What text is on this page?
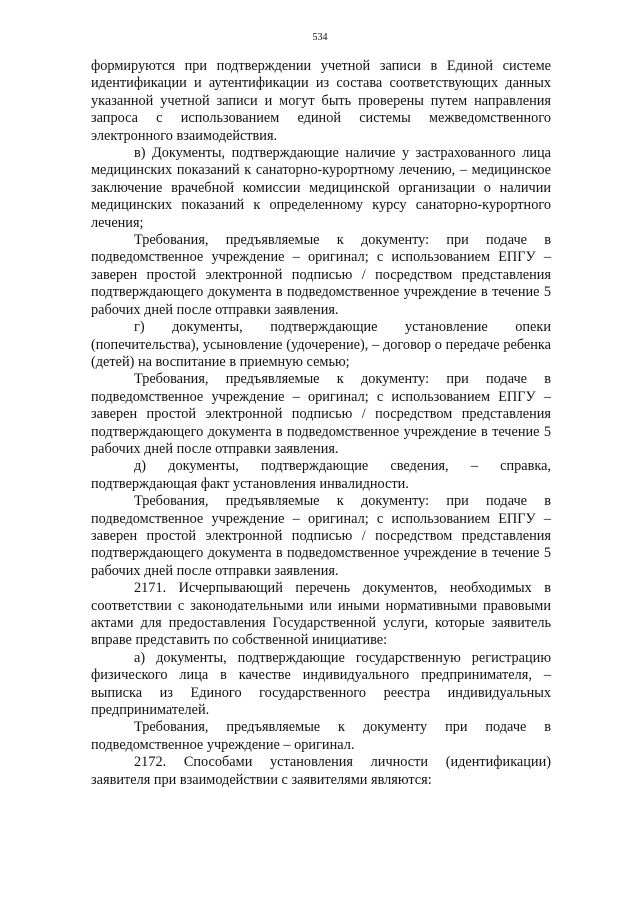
534

формируются при подтверждении учетной записи в Единой системе идентификации и аутентификации из состава соответствующих данных указанной учетной записи и могут быть проверены путем направления запроса с использованием единой системы межведомственного электронного взаимодействия.

в) Документы, подтверждающие наличие у застрахованного лица медицинских показаний к санаторно-курортному лечению, – медицинское заключение врачебной комиссии медицинской организации о наличии медицинских показаний к определенному курсу санаторно-курортного лечения;

Требования, предъявляемые к документу: при подаче в подведомственное учреждение – оригинал; с использованием ЕПГУ – заверен простой электронной подписью / посредством представления подтверждающего документа в подведомственное учреждение в течение 5 рабочих дней после отправки заявления.

г) документы, подтверждающие установление опеки (попечительства), усыновление (удочерение), – договор о передаче ребенка (детей) на воспитание в приемную семью;

Требования, предъявляемые к документу: при подаче в подведомственное учреждение – оригинал; с использованием ЕПГУ – заверен простой электронной подписью / посредством представления подтверждающего документа в подведомственное учреждение в течение 5 рабочих дней после отправки заявления.

д) документы, подтверждающие сведения, – справка, подтверждающая факт установления инвалидности.

Требования, предъявляемые к документу: при подаче в подведомственное учреждение – оригинал; с использованием ЕПГУ – заверен простой электронной подписью / посредством представления подтверждающего документа в подведомственное учреждение в течение 5 рабочих дней после отправки заявления.

2171. Исчерпывающий перечень документов, необходимых в соответствии с законодательными или иными нормативными правовыми актами для предоставления Государственной услуги, которые заявитель вправе представить по собственной инициативе:

а) документы, подтверждающие государственную регистрацию физического лица в качестве индивидуального предпринимателя, – выписка из Единого государственного реестра индивидуальных предпринимателей.

Требования, предъявляемые к документу при подаче в подведомственное учреждение – оригинал.

2172. Способами установления личности (идентификации) заявителя при взаимодействии с заявителями являются:
